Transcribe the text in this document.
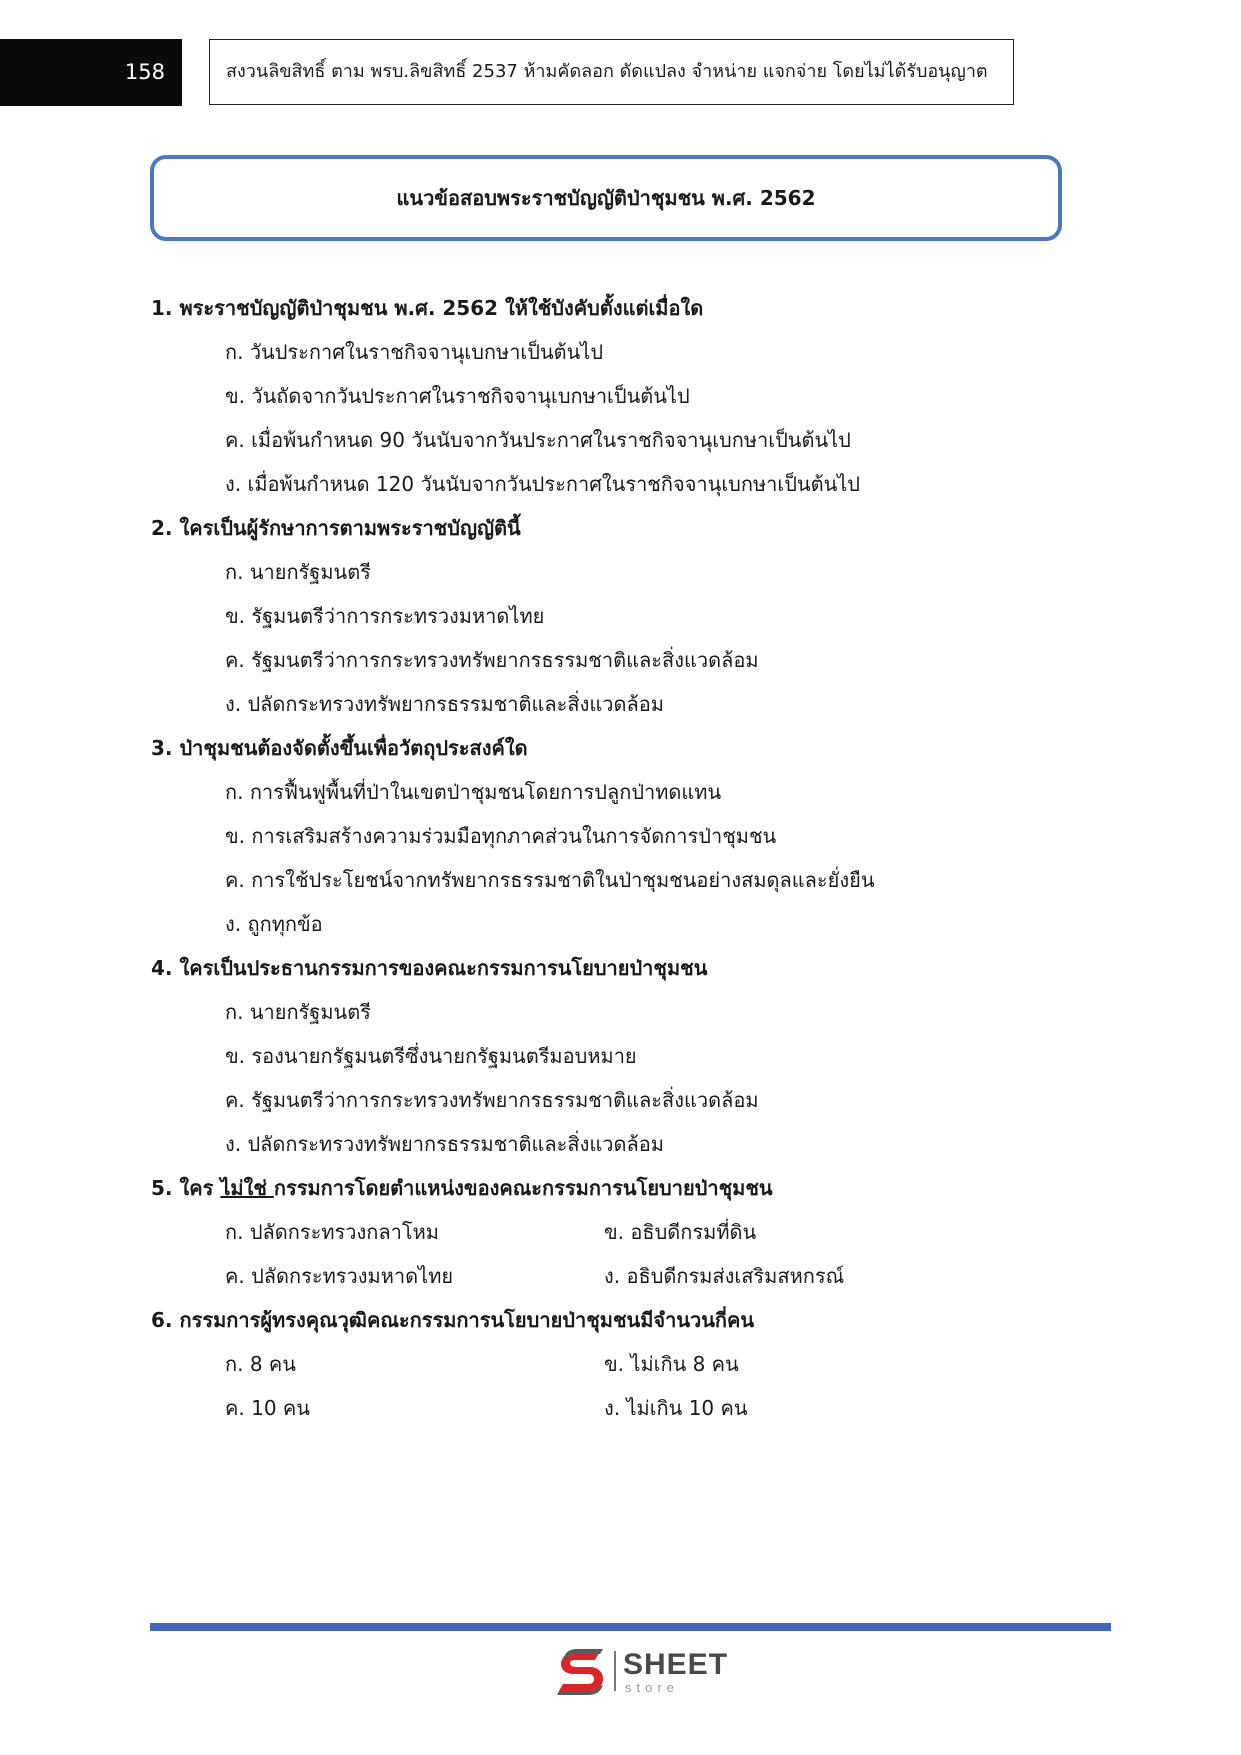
158	สงวนลิขสิทธิ์ ตาม พรบ.ลิขสิทธิ์ 2537 ห้ามคัดลอก ดัดแปลง จำหน่าย แจกจ่าย โดยไม่ได้รับอนุญาต
แนวข้อสอบพระราชบัญญัติป่าชุมชน พ.ศ. 2562
1. พระราชบัญญัติป่าชุมชน พ.ศ. 2562 ให้ใช้บังคับตั้งแต่เมื่อใด
ก. วันประกาศในราชกิจจานุเบกษาเป็นต้นไป
ข. วันถัดจากวันประกาศในราชกิจจานุเบกษาเป็นต้นไป
ค. เมื่อพ้นกำหนด 90 วันนับจากวันประกาศในราชกิจจานุเบกษาเป็นต้นไป
ง. เมื่อพ้นกำหนด 120 วันนับจากวันประกาศในราชกิจจานุเบกษาเป็นต้นไป
2. ใครเป็นผู้รักษาการตามพระราชบัญญัตินี้
ก. นายกรัฐมนตรี
ข. รัฐมนตรีว่าการกระทรวงมหาดไทย
ค. รัฐมนตรีว่าการกระทรวงทรัพยากรธรรมชาติและสิ่งแวดล้อม
ง. ปลัดกระทรวงทรัพยากรธรรมชาติและสิ่งแวดล้อม
3. ป่าชุมชนต้องจัดตั้งขึ้นเพื่อวัตถุประสงค์ใด
ก. การฟื้นฟูพื้นที่ป่าในเขตป่าชุมชนโดยการปลูกป่าทดแทน
ข. การเสริมสร้างความร่วมมือทุกภาคส่วนในการจัดการป่าชุมชน
ค. การใช้ประโยชน์จากทรัพยากรธรรมชาติในป่าชุมชนอย่างสมดุลและยั่งยืน
ง. ถูกทุกข้อ
4. ใครเป็นประธานกรรมการของคณะกรรมการนโยบายป่าชุมชน
ก. นายกรัฐมนตรี
ข. รองนายกรัฐมนตรีซึ่งนายกรัฐมนตรีมอบหมาย
ค. รัฐมนตรีว่าการกระทรวงทรัพยากรธรรมชาติและสิ่งแวดล้อม
ง. ปลัดกระทรวงทรัพยากรธรรมชาติและสิ่งแวดล้อม
5. ใคร ไม่ใช่ กรรมการโดยตำแหน่งของคณะกรรมการนโยบายป่าชุมชน
ก. ปลัดกระทรวงกลาโหม	ข. อธิบดีกรมที่ดิน
ค. ปลัดกระทรวงมหาดไทย	ง. อธิบดีกรมส่งเสริมสหกรณ์
6. กรรมการผู้ทรงคุณวุฒิคณะกรรมการนโยบายป่าชุมชนมีจำนวนกี่คน
ก. 8 คน	ข. ไม่เกิน 8 คน
ค. 10 คน	ง. ไม่เกิน 10 คน
SHEET
store
